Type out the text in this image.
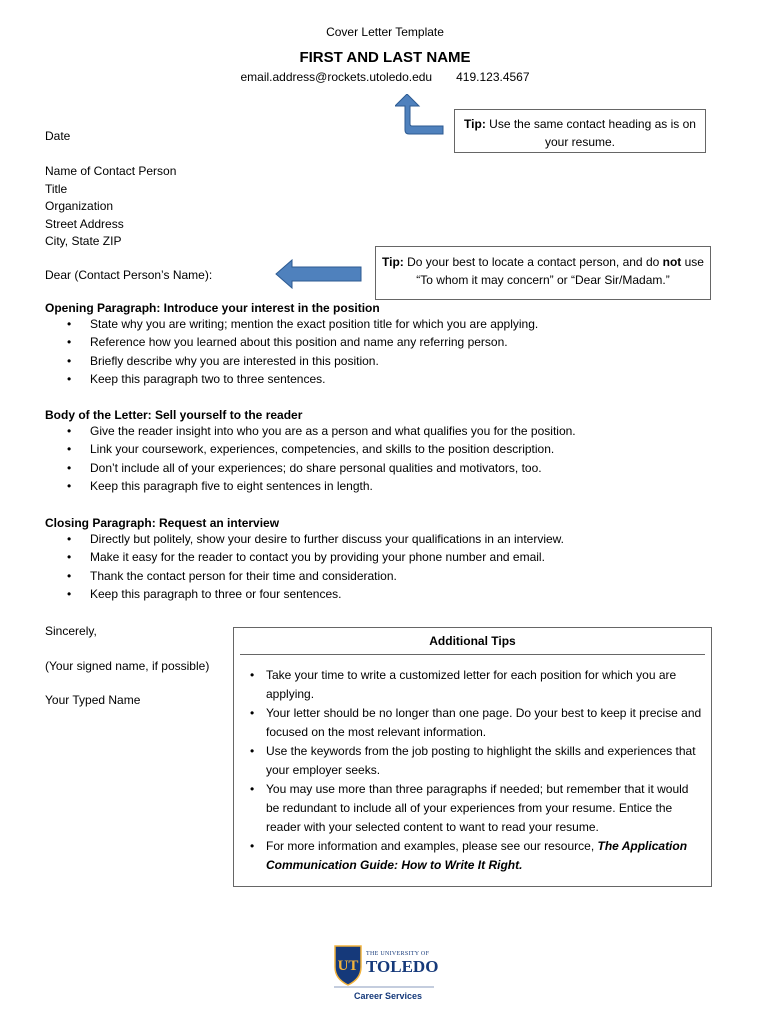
Cover Letter Template
FIRST AND LAST NAME
email.address@rockets.utoledo.edu 419.123.4567
Tip: Use the same contact heading as is on your resume.
Date
Name of Contact Person
Title
Organization
Street Address
City, State ZIP
Dear (Contact Person’s Name):
Tip: Do your best to locate a contact person, and do not use “To whom it may concern” or “Dear Sir/Madam.”
Opening Paragraph: Introduce your interest in the position
• State why you are writing; mention the exact position title for which you are applying.
• Reference how you learned about this position and name any referring person.
• Briefly describe why you are interested in this position.
• Keep this paragraph two to three sentences.
Body of the Letter: Sell yourself to the reader
• Give the reader insight into who you are as a person and what qualifies you for the position.
• Link your coursework, experiences, competencies, and skills to the position description.
• Don’t include all of your experiences; do share personal qualities and motivators, too.
• Keep this paragraph five to eight sentences in length.
Closing Paragraph: Request an interview
• Directly but politely, show your desire to further discuss your qualifications in an interview.
• Make it easy for the reader to contact you by providing your phone number and email.
• Thank the contact person for their time and consideration.
• Keep this paragraph to three or four sentences.
Sincerely,
(Your signed name, if possible)
Your Typed Name
Additional Tips
• Take your time to write a customized letter for each position for which you are applying.
• Your letter should be no longer than one page. Do your best to keep it precise and focused on the most relevant information.
• Use the keywords from the job posting to highlight the skills and experiences that your employer seeks.
• You may use more than three paragraphs if needed; but remember that it would be redundant to include all of your experiences from your resume. Entice the reader with your selected content to want to read your resume.
• For more information and examples, please see our resource, The Application Communication Guide: How to Write It Right.
UT
THE UNIVERSITY OF
TOLEDO
Career Services
